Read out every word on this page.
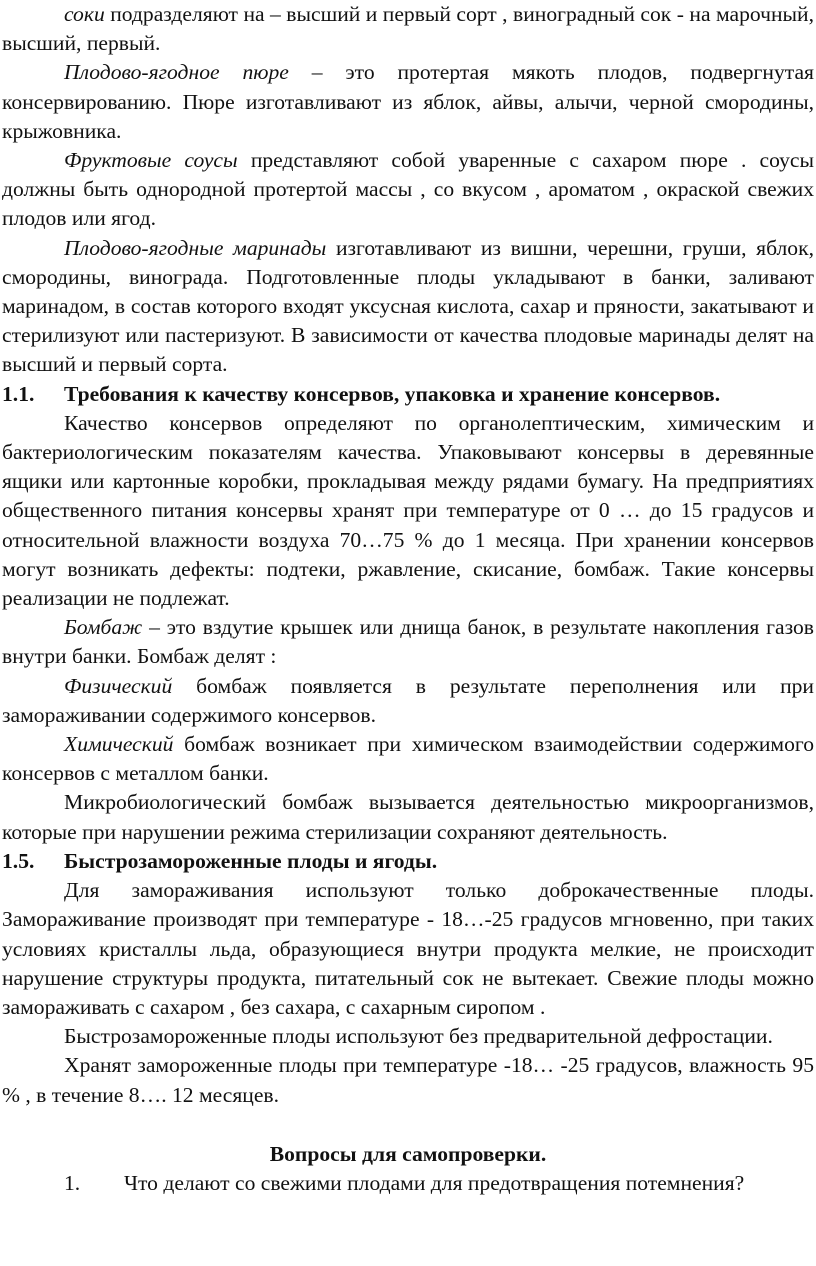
соки подразделяют на – высший и первый сорт , виноградный сок - на марочный, высший, первый.

Плодово-ягодное пюре – это протертая мякоть плодов, подвергнутая консервированию. Пюре изготавливают из яблок, айвы, алычи, черной смородины, крыжовника.

Фруктовые соусы представляют собой уваренные с сахаром пюре . соусы должны быть однородной протертой массы , со вкусом , ароматом , окраской свежих плодов или ягод.

Плодово-ягодные маринады изготавливают из вишни, черешни, груши, яблок, смородины, винограда. Подготовленные плоды укладывают в банки, заливают маринадом, в состав которого входят уксусная кислота, сахар и пряности, закатывают и стерилизуют или пастеризуют. В зависимости от качества плодовые маринады делят на высший и первый сорта.

1.1.	Требования к качеству консервов, упаковка и хранение консервов.

Качество консервов определяют по органолептическим, химическим и бактериологическим показателям качества. Упаковывают консервы в деревянные ящики или картонные коробки, прокладывая между рядами бумагу. На предприятиях общественного питания консервы хранят при температуре от 0 … до 15 градусов и относительной влажности воздуха 70…75 % до 1 месяца. При хранении консервов могут возникать дефекты: подтеки, ржавление, скисание, бомбаж. Такие консервы реализации не подлежат.

Бомбаж – это вздутие крышек или днища банок, в результате накопления газов внутри банки. Бомбаж делят :

Физический бомбаж появляется в результате переполнения или при замораживании содержимого консервов.

Химический бомбаж возникает при химическом взаимодействии содержимого консервов с металлом банки.

Микробиологический бомбаж вызывается деятельностью микроорганизмов, которые при нарушении режима стерилизации сохраняют деятельность.

1.5.	Быстрозамороженные плоды и ягоды.

Для замораживания используют только доброкачественные плоды. Замораживание производят при температуре - 18…-25 градусов мгновенно, при таких условиях кристаллы льда, образующиеся внутри продукта мелкие, не происходит нарушение структуры продукта, питательный сок не вытекает. Свежие плоды можно замораживать с сахаром , без сахара, с сахарным сиропом .

Быстрозамороженные плоды используют без предварительной дефростации.

Хранят замороженные плоды при температуре -18… -25 градусов, влажность 95 % , в течение 8…. 12 месяцев.

Вопросы для самопроверки.
1.	Что делают со свежими плодами для предотвращения потемнения?
